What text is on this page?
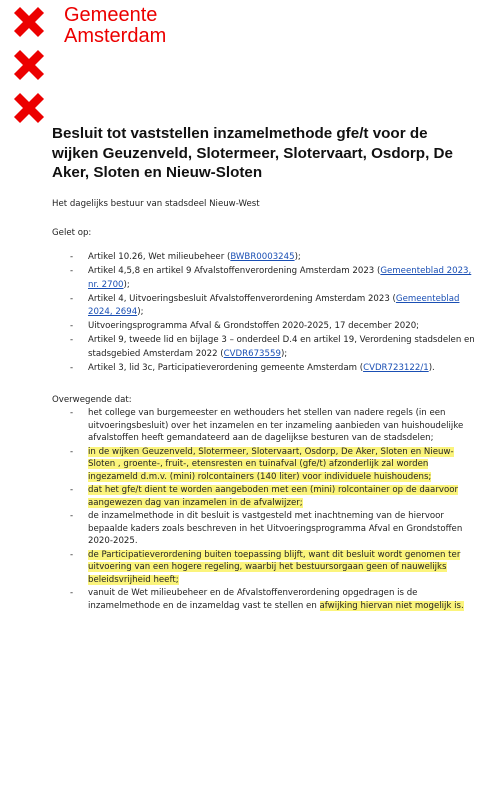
Gemeente
Amsterdam
Besluit tot vaststellen inzamelmethode gfe/t voor de wijken Geuzenveld, Slotermeer, Slotervaart, Osdorp, De Aker, Sloten en Nieuw-Sloten

Het dagelijks bestuur van stadsdeel Nieuw-West

Gelet op:

- Artikel 10.26, Wet milieubeheer (BWBR0003245);
- Artikel 4,5,8 en artikel 9 Afvalstoffenverordening Amsterdam 2023 (Gemeenteblad 2023, nr. 2700);
- Artikel 4, Uitvoeringsbesluit Afvalstoffenverordening Amsterdam 2023 (Gemeenteblad 2024, 2694);
- Uitvoeringsprogramma Afval & Grondstoffen 2020-2025, 17 december 2020;
- Artikel 9, tweede lid en bijlage 3 – onderdeel D.4 en artikel 19, Verordening stadsdelen en stadsgebied Amsterdam 2022 (CVDR673559);
- Artikel 3, lid 3c, Participatieverordening gemeente Amsterdam (CVDR723122/1).

Overwegende dat:

- het college van burgemeester en wethouders het stellen van nadere regels (in een uitvoeringsbesluit) over het inzamelen en ter inzameling aanbieden van huishoudelijke afvalstoffen heeft gemandateerd aan de dagelijkse besturen van de stadsdelen;
- in de wijken Geuzenveld, Slotermeer, Slotervaart, Osdorp, De Aker, Sloten en Nieuw-Sloten , groente-, fruit-, etensresten en tuinafval (gfe/t) afzonderlijk zal worden ingezameld d.m.v. (mini) rolcontainers (140 liter) voor individuele huishoudens;
- dat het gfe/t dient te worden aangeboden met een (mini) rolcontainer op de daarvoor aangewezen dag van inzamelen in de afvalwijzer;
- de inzamelmethode in dit besluit is vastgesteld met inachtneming van de hiervoor bepaalde kaders zoals beschreven in het Uitvoeringsprogramma Afval en Grondstoffen 2020-2025.
- de Participatieverordening buiten toepassing blijft, want dit besluit wordt genomen ter uitvoering van een hogere regeling, waarbij het bestuursorgaan geen of nauwelijks beleidsvrijheid heeft;
- vanuit de Wet milieubeheer en de Afvalstoffenverordening opgedragen is de inzamelmethode en de inzameldag vast te stellen en afwijking hiervan niet mogelijk is.
